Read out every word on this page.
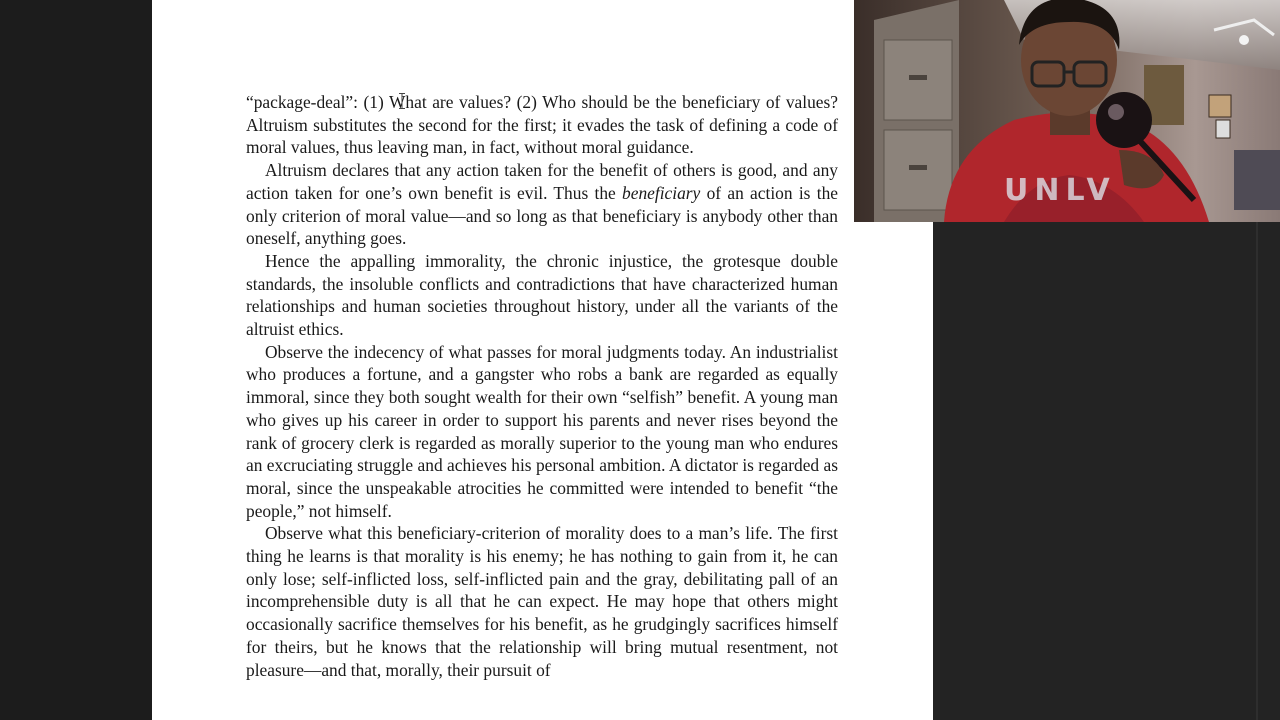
“package-deal”: (1) What are values? (2) Who should be the beneficiary of values? Altruism substitutes the second for the first; it evades the task of defining a code of moral values, thus leaving man, in fact, without moral guidance.

Altruism declares that any action taken for the benefit of others is good, and any action taken for one’s own benefit is evil. Thus the beneficiary of an action is the only criterion of moral value—and so long as that beneficiary is anybody other than oneself, anything goes.

Hence the appalling immorality, the chronic injustice, the grotesque double standards, the insoluble conflicts and contradictions that have characterized human relationships and human societies throughout history, under all the variants of the altruist ethics.

Observe the indecency of what passes for moral judgments today. An industrialist who produces a fortune, and a gangster who robs a bank are regarded as equally immoral, since they both sought wealth for their own “selfish” benefit. A young man who gives up his career in order to support his parents and never rises beyond the rank of grocery clerk is regarded as morally superior to the young man who endures an excruciating struggle and achieves his personal ambition. A dictator is regarded as moral, since the unspeakable atrocities he committed were intended to benefit “the people,” not himself.

Observe what this beneficiary-criterion of morality does to a man’s life. The first thing he learns is that morality is his enemy; he has nothing to gain from it, he can only lose; self-inflicted loss, self-inflicted pain and the gray, debilitating pall of an incomprehensible duty is all that he can expect. He may hope that others might occasionally sacrifice themselves for his benefit, as he grudgingly sacrifices himself for theirs, but he knows that the relationship will bring mutual resentment, not pleasure—and that, morally, their pursuit of

UNLV
